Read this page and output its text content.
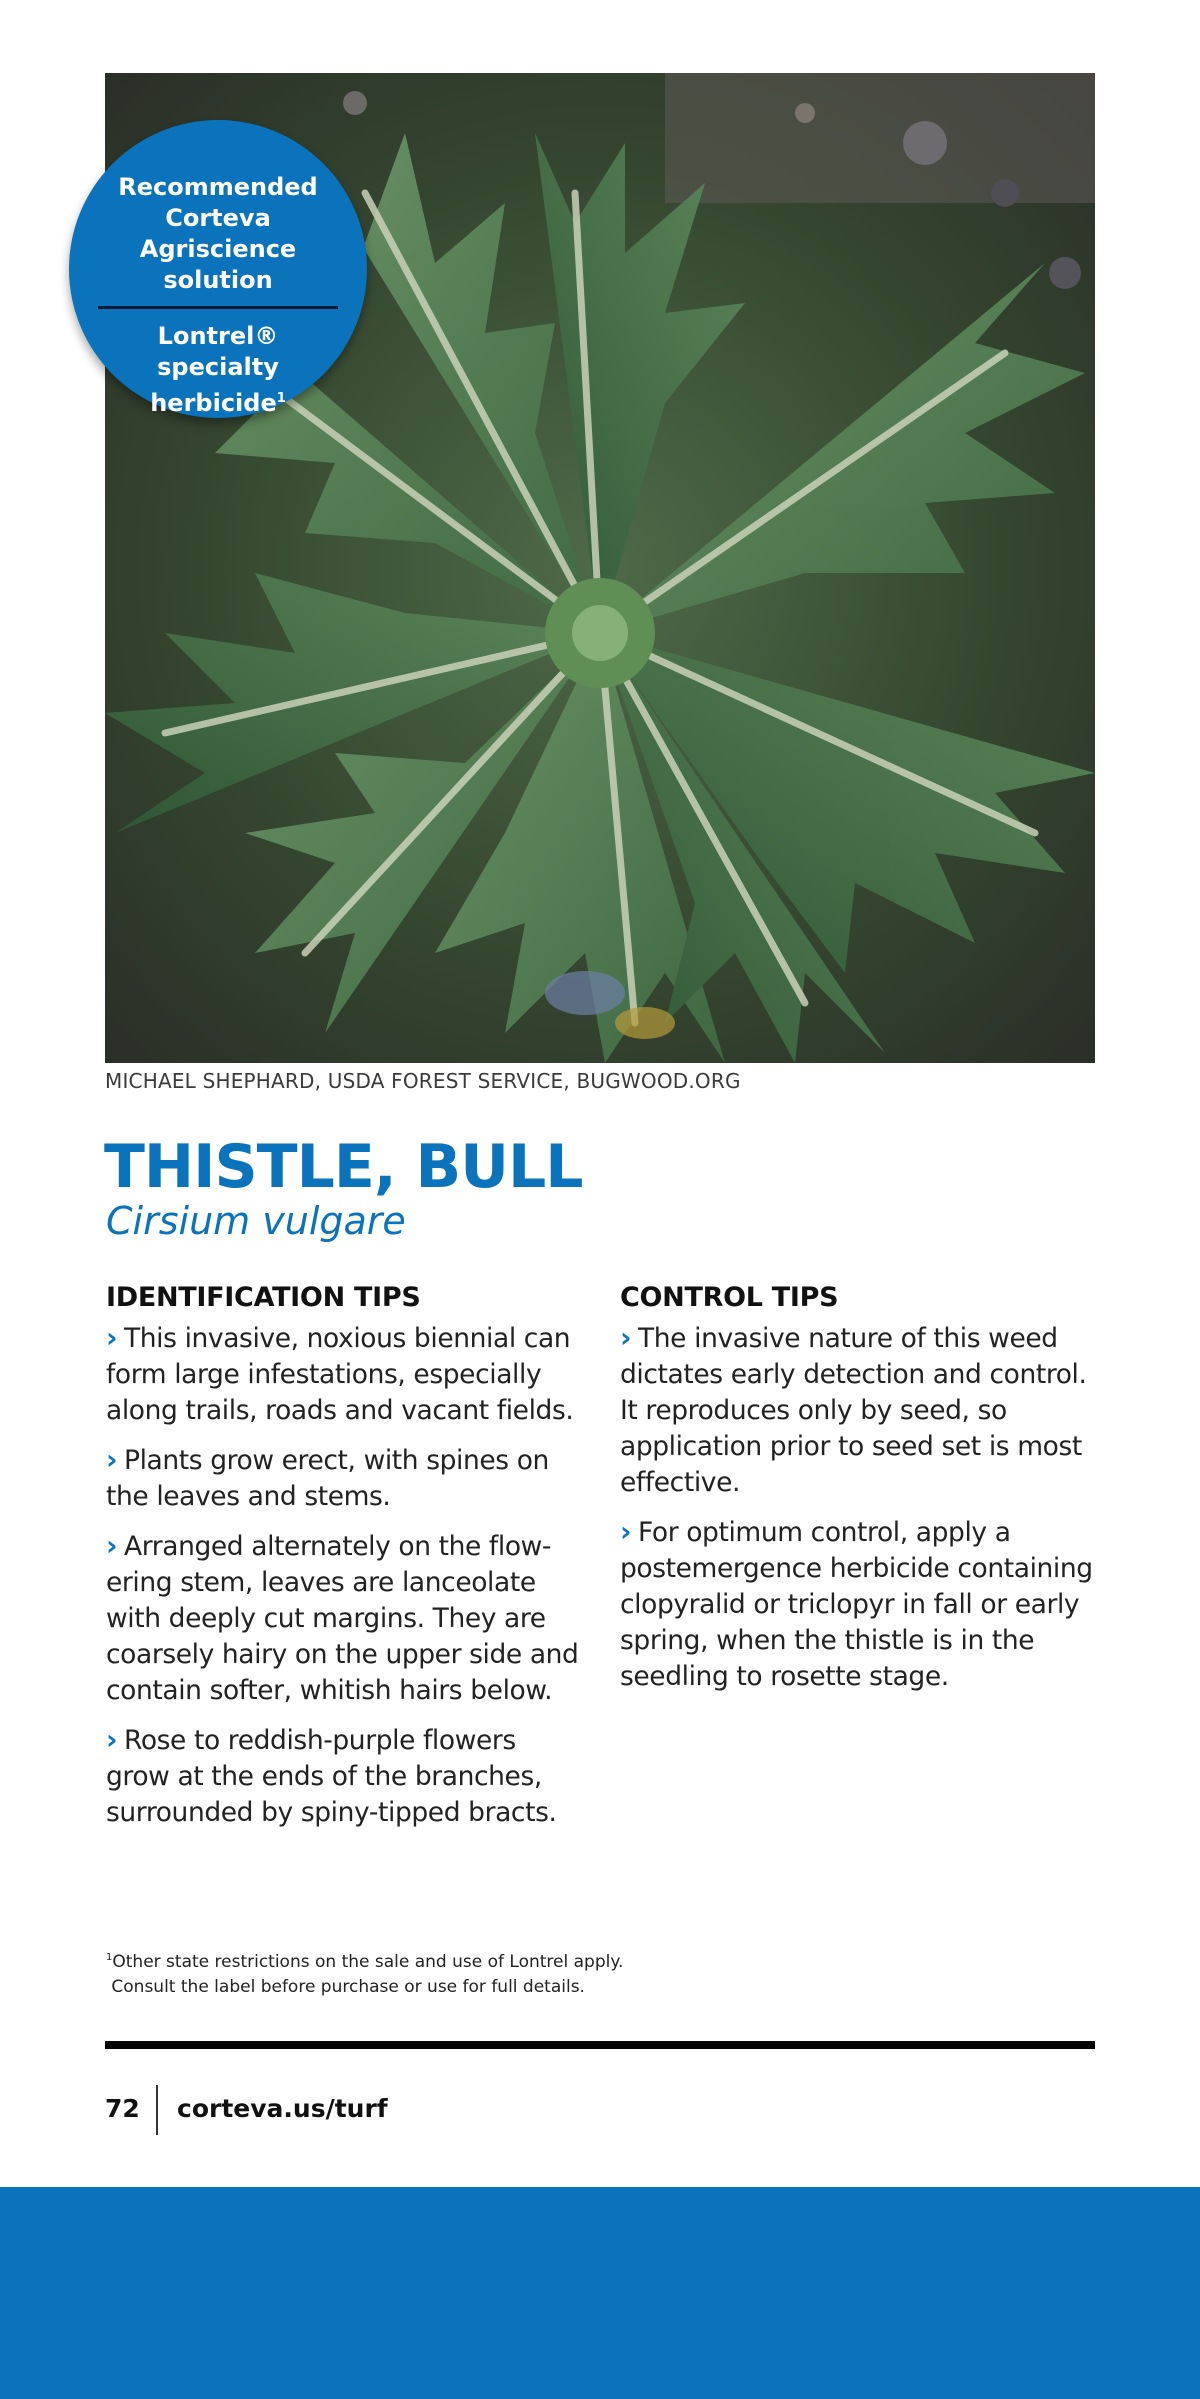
Recommended Corteva Agriscience solution
Lontrel® specialty herbicide$^1$
MICHAEL SHEPHARD, USDA FOREST SERVICE, BUGWOOD.ORG
THISTLE, BULL
Cirsium vulgare
IDENTIFICATION TIPS

› This invasive, noxious biennial can form large infestations, especially along trails, roads and vacant fields.

› Plants grow erect, with spines on the leaves and stems.

› Arranged alternately on the flow-ering stem, leaves are lanceolate with deeply cut margins. They are coarsely hairy on the upper side and contain softer, whitish hairs below.

› Rose to reddish-purple flowers grow at the ends of the branches, surrounded by spiny-tipped bracts.

CONTROL TIPS

› The invasive nature of this weed dictates early detection and control. It reproduces only by seed, so application prior to seed set is most effective.

› For optimum control, apply a postemergence herbicide containing clopyralid or triclopyr in fall or early spring, when the thistle is in the seedling to rosette stage.

$^1$Other state restrictions on the sale and use of Lontrel apply.
Consult the label before purchase or use for full details.
72 corteva.us/turf
